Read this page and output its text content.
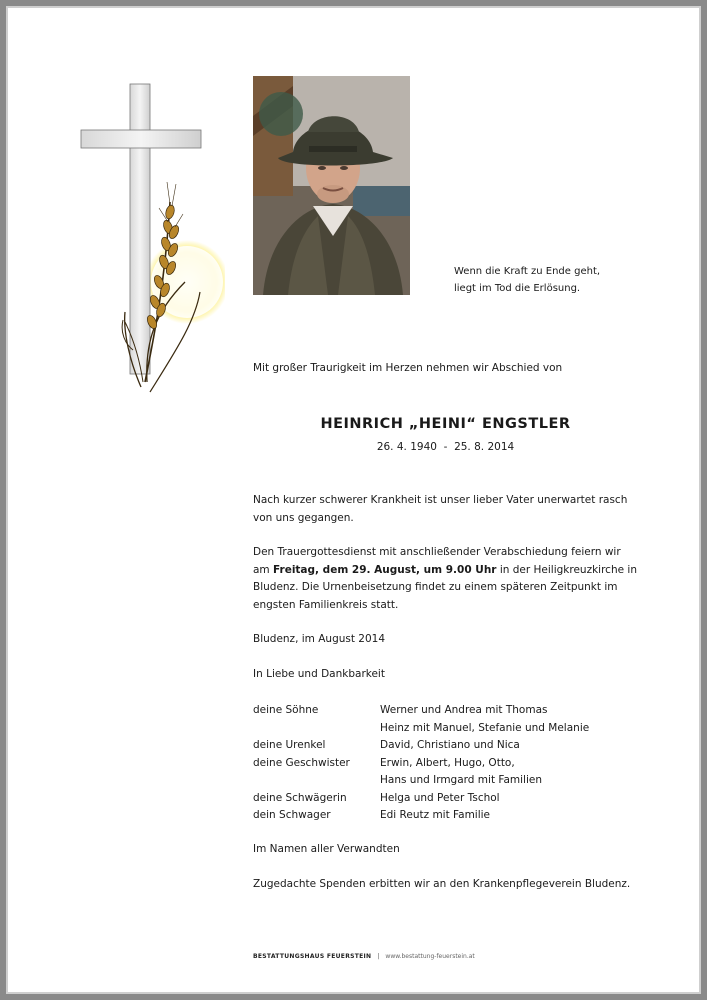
Wenn die Kraft zu Ende geht,
liegt im Tod die Erlösung.
Mit großer Traurigkeit im Herzen nehmen wir Abschied von
HEINRICH „HEINI“ ENGSTLER
26. 4. 1940  -  25. 8. 2014
Nach kurzer schwerer Krankheit ist unser lieber Vater unerwartet rasch
von uns gegangen.
Den Trauergottesdienst mit anschließender Verabschiedung feiern wir
am Freitag, dem 29. August, um 9.00 Uhr in der Heiligkreuzkirche in
Bludenz. Die Urnenbeisetzung findet zu einem späteren Zeitpunkt im
engsten Familienkreis statt.
Bludenz, im August 2014
In Liebe und Dankbarkeit
deine Söhne	Werner und Andrea mit Thomas
Heinz mit Manuel, Stefanie und Melanie
deine Urenkel	David, Christiano und Nica
deine Geschwister	Erwin, Albert, Hugo, Otto,
Hans und Irmgard mit Familien
deine Schwägerin	Helga und Peter Tschol
dein Schwager	Edi Reutz mit Familie
Im Namen aller Verwandten
Zugedachte Spenden erbitten wir an den Krankenpflegeverein Bludenz.
BESTATTUNGSHAUS FEUERSTEIN | www.bestattung-feuerstein.at
